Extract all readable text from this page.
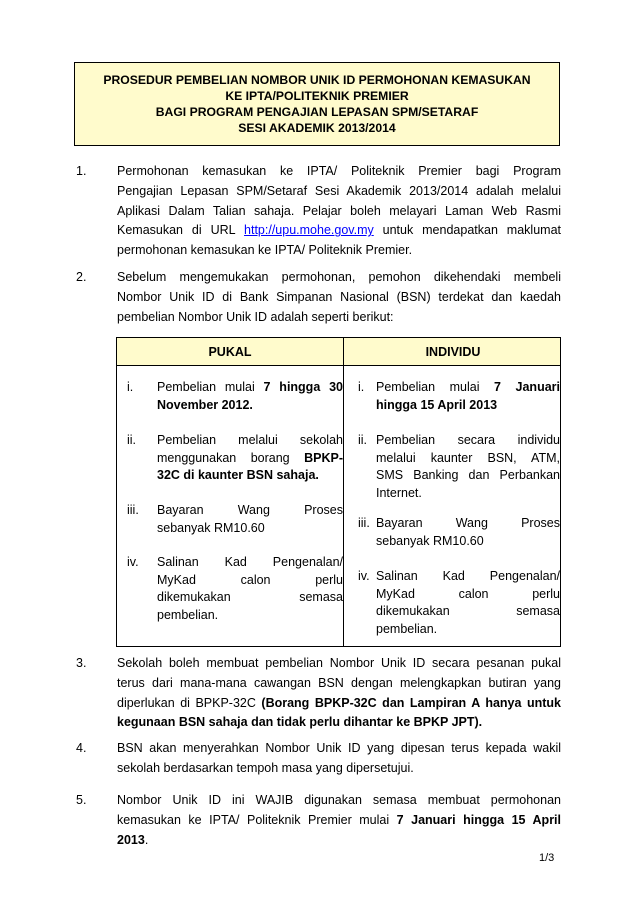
PROSEDUR PEMBELIAN NOMBOR UNIK ID PERMOHONAN KEMASUKAN
KE IPTA/POLITEKNIK PREMIER
BAGI PROGRAM PENGAJIAN LEPASAN SPM/SETARAF
SESI AKADEMIK 2013/2014
1. Permohonan kemasukan ke IPTA/ Politeknik Premier bagi Program
Pengajian Lepasan SPM/Setaraf Sesi Akademik 2013/2014 adalah melalui
Aplikasi Dalam Talian sahaja. Pelajar boleh melayari Laman Web Rasmi
Kemasukan di URL http://upu.mohe.gov.my untuk mendapatkan maklumat
permohonan kemasukan ke IPTA/ Politeknik Premier.
2. Sebelum mengemukakan permohonan, pemohon dikehendaki membeli
Nombor Unik ID di Bank Simpanan Nasional (BSN) terdekat dan kaedah
pembelian Nombor Unik ID adalah seperti berikut:
PUKAL	INDIVIDU
i. Pembelian mulai 7 hingga 30
November 2012.
ii. Pembelian melalui sekolah
menggunakan borang BPKP-
32C di kaunter BSN sahaja.
iii. Bayaran Wang Proses
sebanyak RM10.60
iv. Salinan Kad Pengenalan/
MyKad calon perlu
dikemukakan semasa
pembelian.
i. Pembelian mulai 7 Januari
hingga 15 April 2013
ii. Pembelian secara individu
melalui kaunter BSN, ATM,
SMS Banking dan Perbankan
Internet.
iii. Bayaran Wang Proses
sebanyak RM10.60
iv. Salinan Kad Pengenalan/
MyKad calon perlu
dikemukakan semasa
pembelian.
3. Sekolah boleh membuat pembelian Nombor Unik ID secara pesanan pukal
terus dari mana-mana cawangan BSN dengan melengkapkan butiran yang
diperlukan di BPKP-32C (Borang BPKP-32C dan Lampiran A hanya untuk
kegunaan BSN sahaja dan tidak perlu dihantar ke BPKP JPT).
4. BSN akan menyerahkan Nombor Unik ID yang dipesan terus kepada wakil
sekolah berdasarkan tempoh masa yang dipersetujui.
5. Nombor Unik ID ini WAJIB digunakan semasa membuat permohonan
kemasukan ke IPTA/ Politeknik Premier mulai 7 Januari hingga 15 April
2013.
1/3
